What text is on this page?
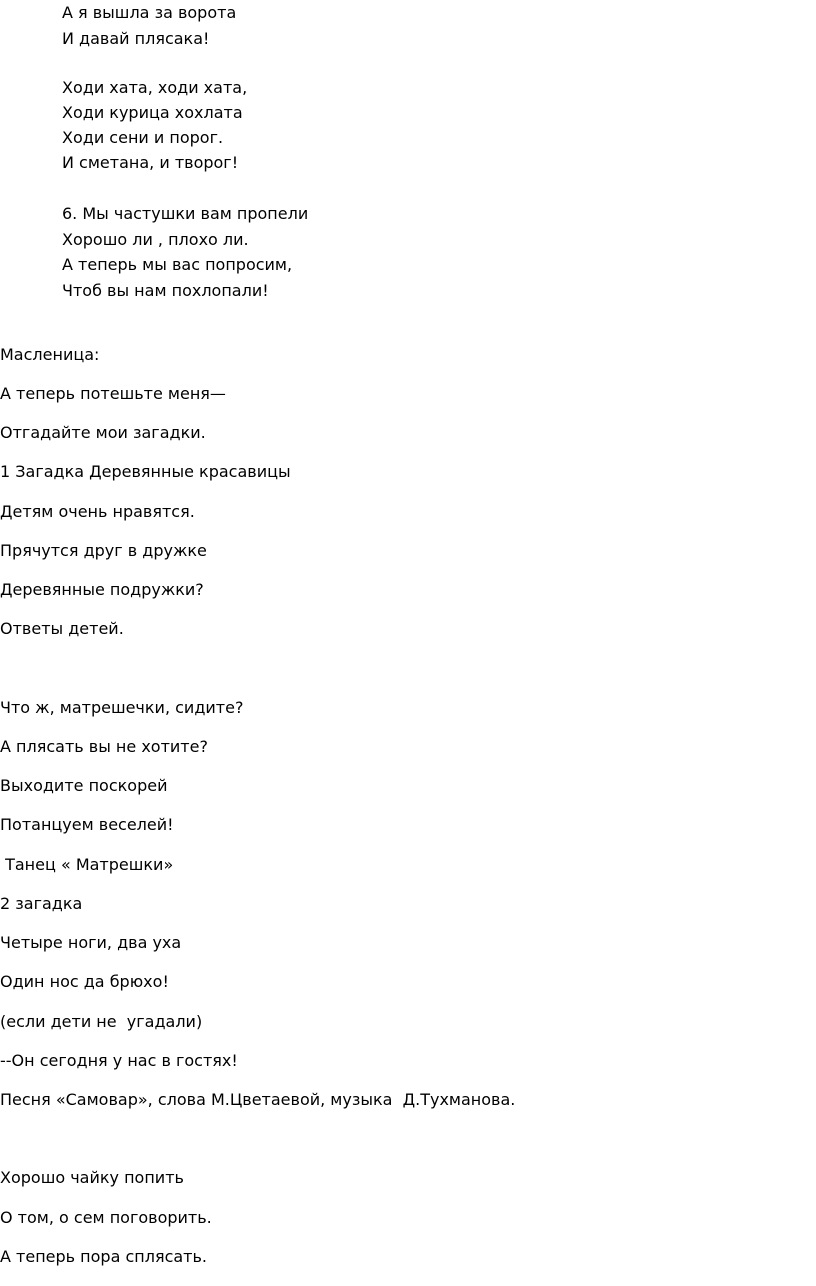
А я вышла за ворота
И давай плясака!
Ходи хата, ходи хата,
Ходи курица хохлата
Ходи сени и порог.
И сметана, и творог!
6. Мы частушки вам пропели
Хорошо ли , плохо ли.
А теперь мы вас попросим,
Чтоб вы нам похлопали!
Масленица:
А теперь потешьте меня—
Отгадайте мои загадки.
1 Загадка Деревянные красавицы
Детям очень нравятся.
Прячутся друг в дружке
Деревянные подружки?
Ответы детей.
Что ж, матрешечки, сидите?
А плясать вы не хотите?
Выходите поскорей
Потанцуем веселей!
Танец « Матрешки»
2 загадка
Четыре ноги, два уха
Один нос да брюхо!
(если дети не  угадали)
--Он сегодня у нас в гостях!
Песня «Самовар», слова М.Цветаевой, музыка  Д.Тухманова.
Хорошо чайку попить
О том, о сем поговорить.
А теперь пора сплясать.
